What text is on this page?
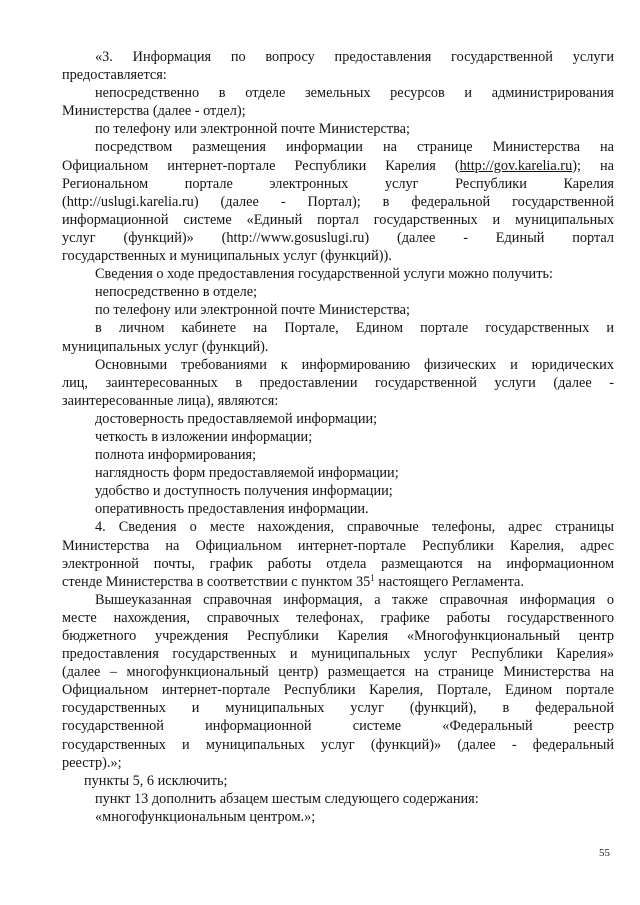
«3. Информация по вопросу предоставления государственной услуги

предоставляется:

непосредственно в отделе земельных ресурсов и администрирования

Министерства (далее - отдел);

по телефону или электронной почте Министерства;

посредством размещения информации на странице Министерства на

Официальном интернет-портале Республики Карелия (http://gov.karelia.ru); на

Региональном портале электронных услуг Республики Карелия

(http://uslugi.karelia.ru) (далее - Портал); в федеральной государственной

информационной системе «Единый портал государственных и муниципальных

услуг (функций)» (http://www.gosuslugi.ru) (далее - Единый портал

государственных и муниципальных услуг (функций)).

Сведения о ходе предоставления государственной услуги можно получить:

непосредственно в отделе;

по телефону или электронной почте Министерства;

в личном кабинете на Портале, Едином портале государственных и

муниципальных услуг (функций).

Основными требованиями к информированию физических и юридических

лиц, заинтересованных в предоставлении государственной услуги (далее -

заинтересованные лица), являются:

достоверность предоставляемой информации;

четкость в изложении информации;

полнота информирования;

наглядность форм предоставляемой информации;

удобство и доступность получения информации;

оперативность предоставления информации.

4. Сведения о месте нахождения, справочные телефоны, адрес страницы

Министерства на Официальном интернет-портале Республики Карелия, адрес

электронной почты, график работы отдела размещаются на информационном

стенде Министерства в соответствии с пунктом $35^1$ настоящего Регламента.

Вышеуказанная справочная информация, а также справочная информация о

месте нахождения, справочных телефонах, графике работы государственного

бюджетного учреждения Республики Карелия «Многофункциональный центр

предоставления государственных и муниципальных услуг Республики Карелия»

(далее – многофункциональный центр) размещается на странице Министерства на

Официальном интернет-портале Республики Карелия, Портале, Едином портале

государственных и муниципальных услуг (функций), в федеральной

государственной информационной системе «Федеральный реестр

государственных и муниципальных услуг (функций)» (далее - федеральный

реестр).»;

пункты 5, 6 исключить;

пункт 13 дополнить абзацем шестым следующего содержания:

«многофункциональным центром.»;

55
